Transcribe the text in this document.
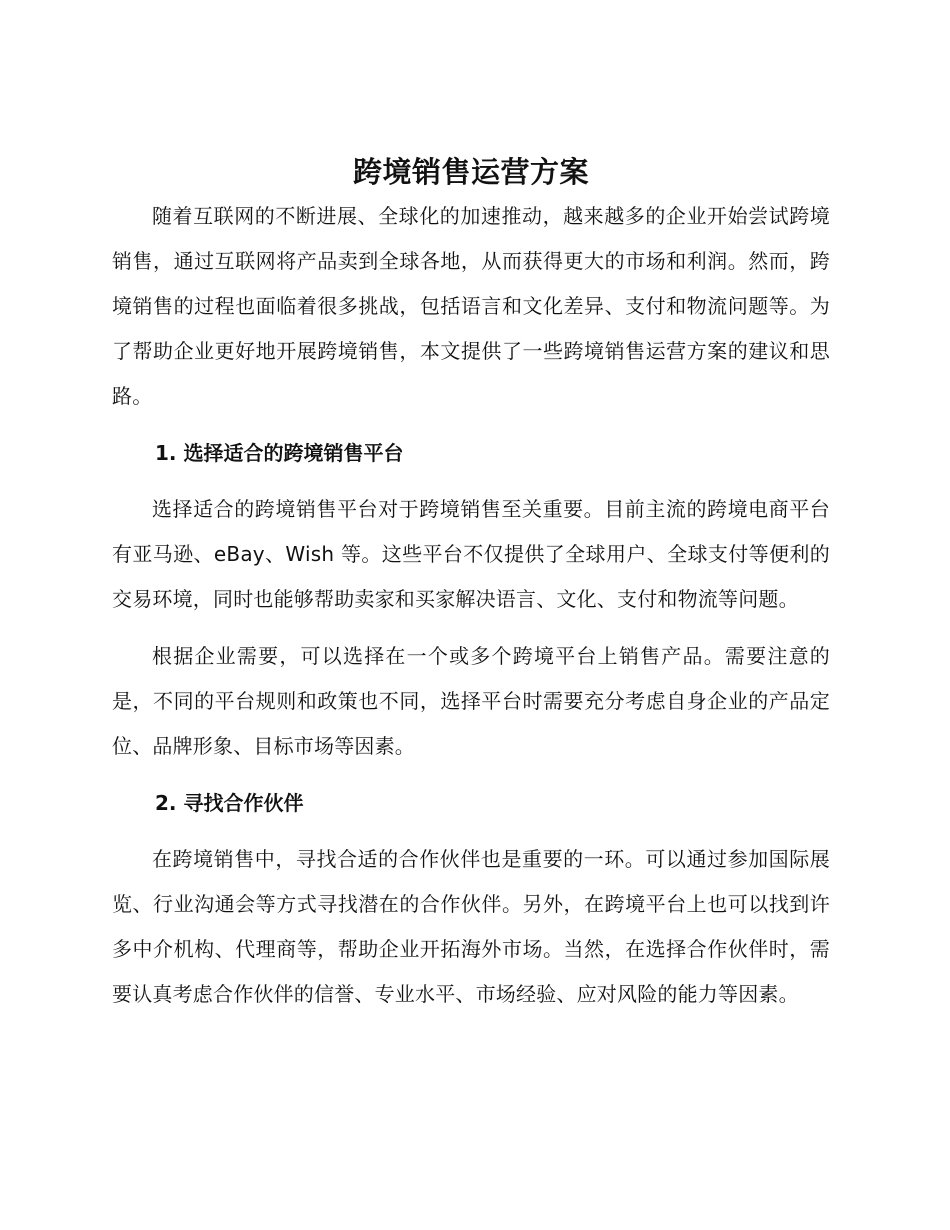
跨境销售运营方案

随着互联网的不断进展、全球化的加速推动，越来越多的企业开始尝试跨境销售，通过互联网将产品卖到全球各地，从而获得更大的市场和利润。然而，跨境销售的过程也面临着很多挑战，包括语言和文化差异、支付和物流问题等。为了帮助企业更好地开展跨境销售，本文提供了一些跨境销售运营方案的建议和思路。

1. 选择适合的跨境销售平台

选择适合的跨境销售平台对于跨境销售至关重要。目前主流的跨境电商平台有亚马逊、eBay、Wish 等。这些平台不仅提供了全球用户、全球支付等便利的交易环境，同时也能够帮助卖家和买家解决语言、文化、支付和物流等问题。

根据企业需要，可以选择在一个或多个跨境平台上销售产品。需要注意的是，不同的平台规则和政策也不同，选择平台时需要充分考虑自身企业的产品定位、品牌形象、目标市场等因素。

2. 寻找合作伙伴

在跨境销售中，寻找合适的合作伙伴也是重要的一环。可以通过参加国际展览、行业沟通会等方式寻找潜在的合作伙伴。另外，在跨境平台上也可以找到许多中介机构、代理商等，帮助企业开拓海外市场。当然，在选择合作伙伴时，需要认真考虑合作伙伴的信誉、专业水平、市场经验、应对风险的能力等因素。
